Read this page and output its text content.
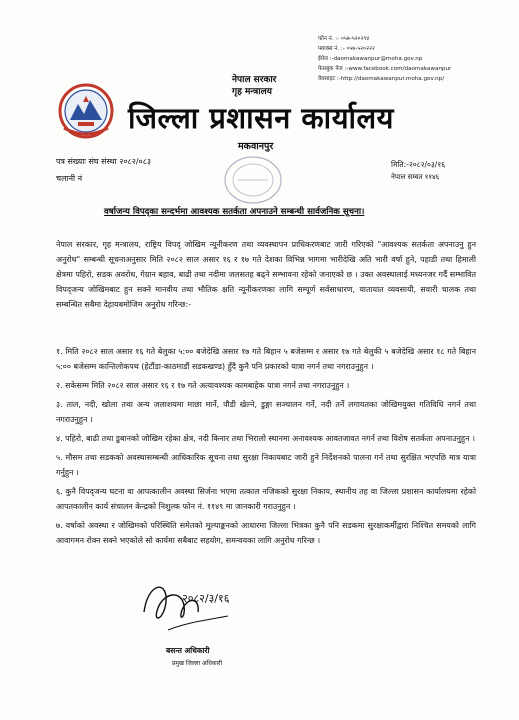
फोन नं. :- ०५७-५२०२९४
फ्याक्स नं. :- ०५७-५२०२२२
ईमेल :-daomakawanpur@moha.gov.np
फेसबुक पेज :-www.facebook.com/daomakawanpur
वेवसाइट :-http://daomakawanpur.moha.gov.np/
नेपाल सरकार
गृह मन्त्रालय
जिल्ला प्रशासन कार्यालय
मकवानपुर
पत्र संख्याः संघ संस्था २०८२/०८३
चलानी नं
मिति:-२०८२/०३/१६
नेपाल सम्वत ११४६
वर्षाजन्य विपद्का सन्दर्भमा आवश्यक सतर्कता अपनाउने सम्बन्धी सार्वजनिक सूचना।
नेपाल सरकार, गृह मन्त्रालय, राष्ट्रिय विपद् जोखिम न्यूनीकरण तथा व्यवस्थापन प्राधिकरणबाट जारी गरिएको "आवश्यक सतर्कता अपनाउनु हुन अनुरोध" सम्बन्धी सूचनाअनुसार मिति २०८२ साल असार १६ र १७ गते देशका विभिन्न भागमा भारीदेखि अति भारी वर्षा हुने, पहाडी तथा हिमाली क्षेत्रमा पहिरो, सडक अवरोध, गेग्रान बहाव, बाढी तथा नदीमा जलसतह बढ्ने सम्भावना रहेको जनाएको छ । उक्त अवस्थालाई मध्यनजर गर्दै सम्भावित विपद्जन्य जोखिमबाट हुन सक्ने मानवीय तथा भौतिक क्षति न्यूनीकरणका लागि सम्पूर्ण सर्वसाधारण, यातायात व्यवसायी, सवारी चालक तथा सम्बन्धित सबैमा देहायबमोजिम अनुरोध गरिन्छ:-

१. मिति २०८२ साल असार १६ गते बेलुका ५:०० बजेदेखि असार १७ गते बिहान ५ बजेसम्म र असार १७ गते बेलुकी ५ बजेदेखि असार १८ गते बिहान ५:०० बजेसम्म कान्तिलोकपथ (हेटौंडा-काठमाडौं सडकखण्ड) हुँदै कुनै पनि प्रकारको यात्रा नगर्न तथा नगराउनुहुन ।

२. सकेसम्म मिति २०८२ साल असार १६ र १७ गते अत्यावश्यक कामबाहेक यात्रा नगर्न तथा नगराउनुहुन ।

३. ताल, नदी, खोला तथा अन्य जलाशयमा माछा मार्ने, पौडी खेल्ने, डुङ्गा सञ्चालन गर्ने, नदी तर्ने लगायतका जोखिमयुक्त गतिविधि नगर्न तथा नगराउनुहुन ।

४. पहिरो, बाढी तथा डुबानको जोखिम रहेका क्षेत्र, नदी किनार तथा भिरालो स्थानमा अनावश्यक आवतजावत नगर्न तथा विशेष सतर्कता अपनाउनुहुन ।

५. मौसम तथा सडकको अवस्थासम्बन्धी आधिकारिक सूचना तथा सुरक्षा निकायबाट जारी हुने निर्देशनको पालना गर्न तथा सुरक्षित भएपछि मात्र यात्रा गर्नुहुन ।

६. कुनै विपद्जन्य घटना वा आपत्कालीन अवस्था सिर्जना भएमा तत्काल नजिकको सुरक्षा निकाय, स्थानीय तह वा जिल्ला प्रशासन कार्यालयमा रहेको आपतकालीन कार्य संचालन केन्द्रको निशुल्क फोन नं. ११४९ मा जानकारी गराउनुहुन ।

७. वर्षाको अवस्था र जोखिमको परिस्थिति समेतको मूल्याङ्कनको आधारमा जिल्ला भित्रका कुनै पनि सडकमा सुरक्षाकर्मीद्वारा निश्चित समयको लागि आवागमन रोक्न सक्ने भएकोले सो कार्यमा सबैबाट सहयोग, समन्वयका लागि अनुरोध गरिन्छ ।

२०८२/३/१६
बसन्त अधिकारी
प्रमुख जिल्ला अधिकारी
